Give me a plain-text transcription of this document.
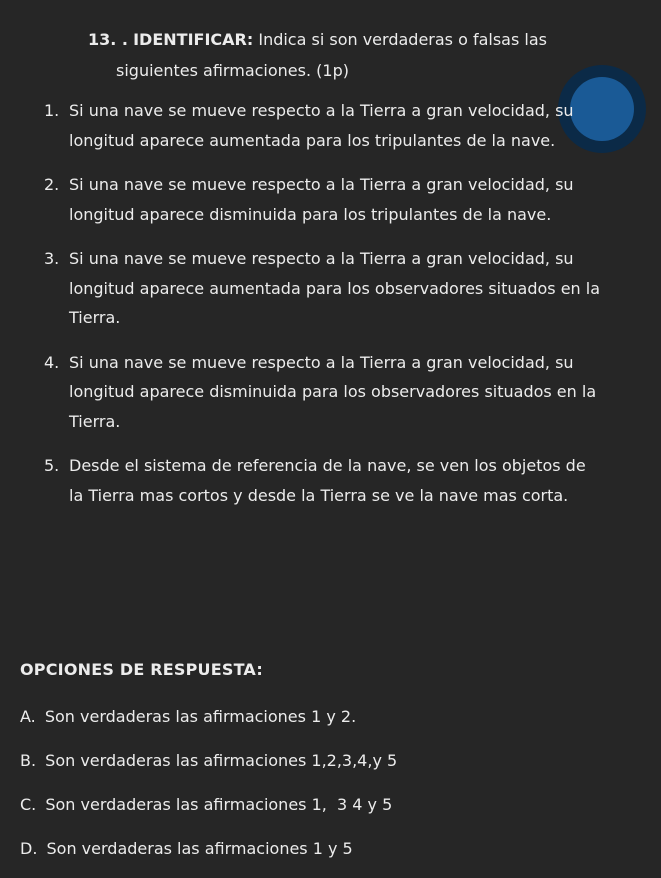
13. . IDENTIFICAR: Indica si son verdaderas o falsas las
siguientes afirmaciones. (1p)
1. Si una nave se mueve respecto a la Tierra a gran velocidad, su longitud aparece aumentada para los tripulantes de la nave.
2. Si una nave se mueve respecto a la Tierra a gran velocidad, su longitud aparece disminuida para los tripulantes de la nave.
3. Si una nave se mueve respecto a la Tierra a gran velocidad, su longitud aparece aumentada para los observadores situados en la Tierra.
4. Si una nave se mueve respecto a la Tierra a gran velocidad, su longitud aparece disminuida para los observadores situados en la Tierra.
5. Desde el sistema de referencia de la nave, se ven los objetos de la Tierra mas cortos y desde la Tierra se ve la nave mas corta.
OPCIONES DE RESPUESTA:
A. Son verdaderas las afirmaciones 1 y 2.
B. Son verdaderas las afirmaciones 1,2,3,4,y 5
C. Son verdaderas las afirmaciones 1,  3 4 y 5
D. Son verdaderas las afirmaciones 1 y 5
